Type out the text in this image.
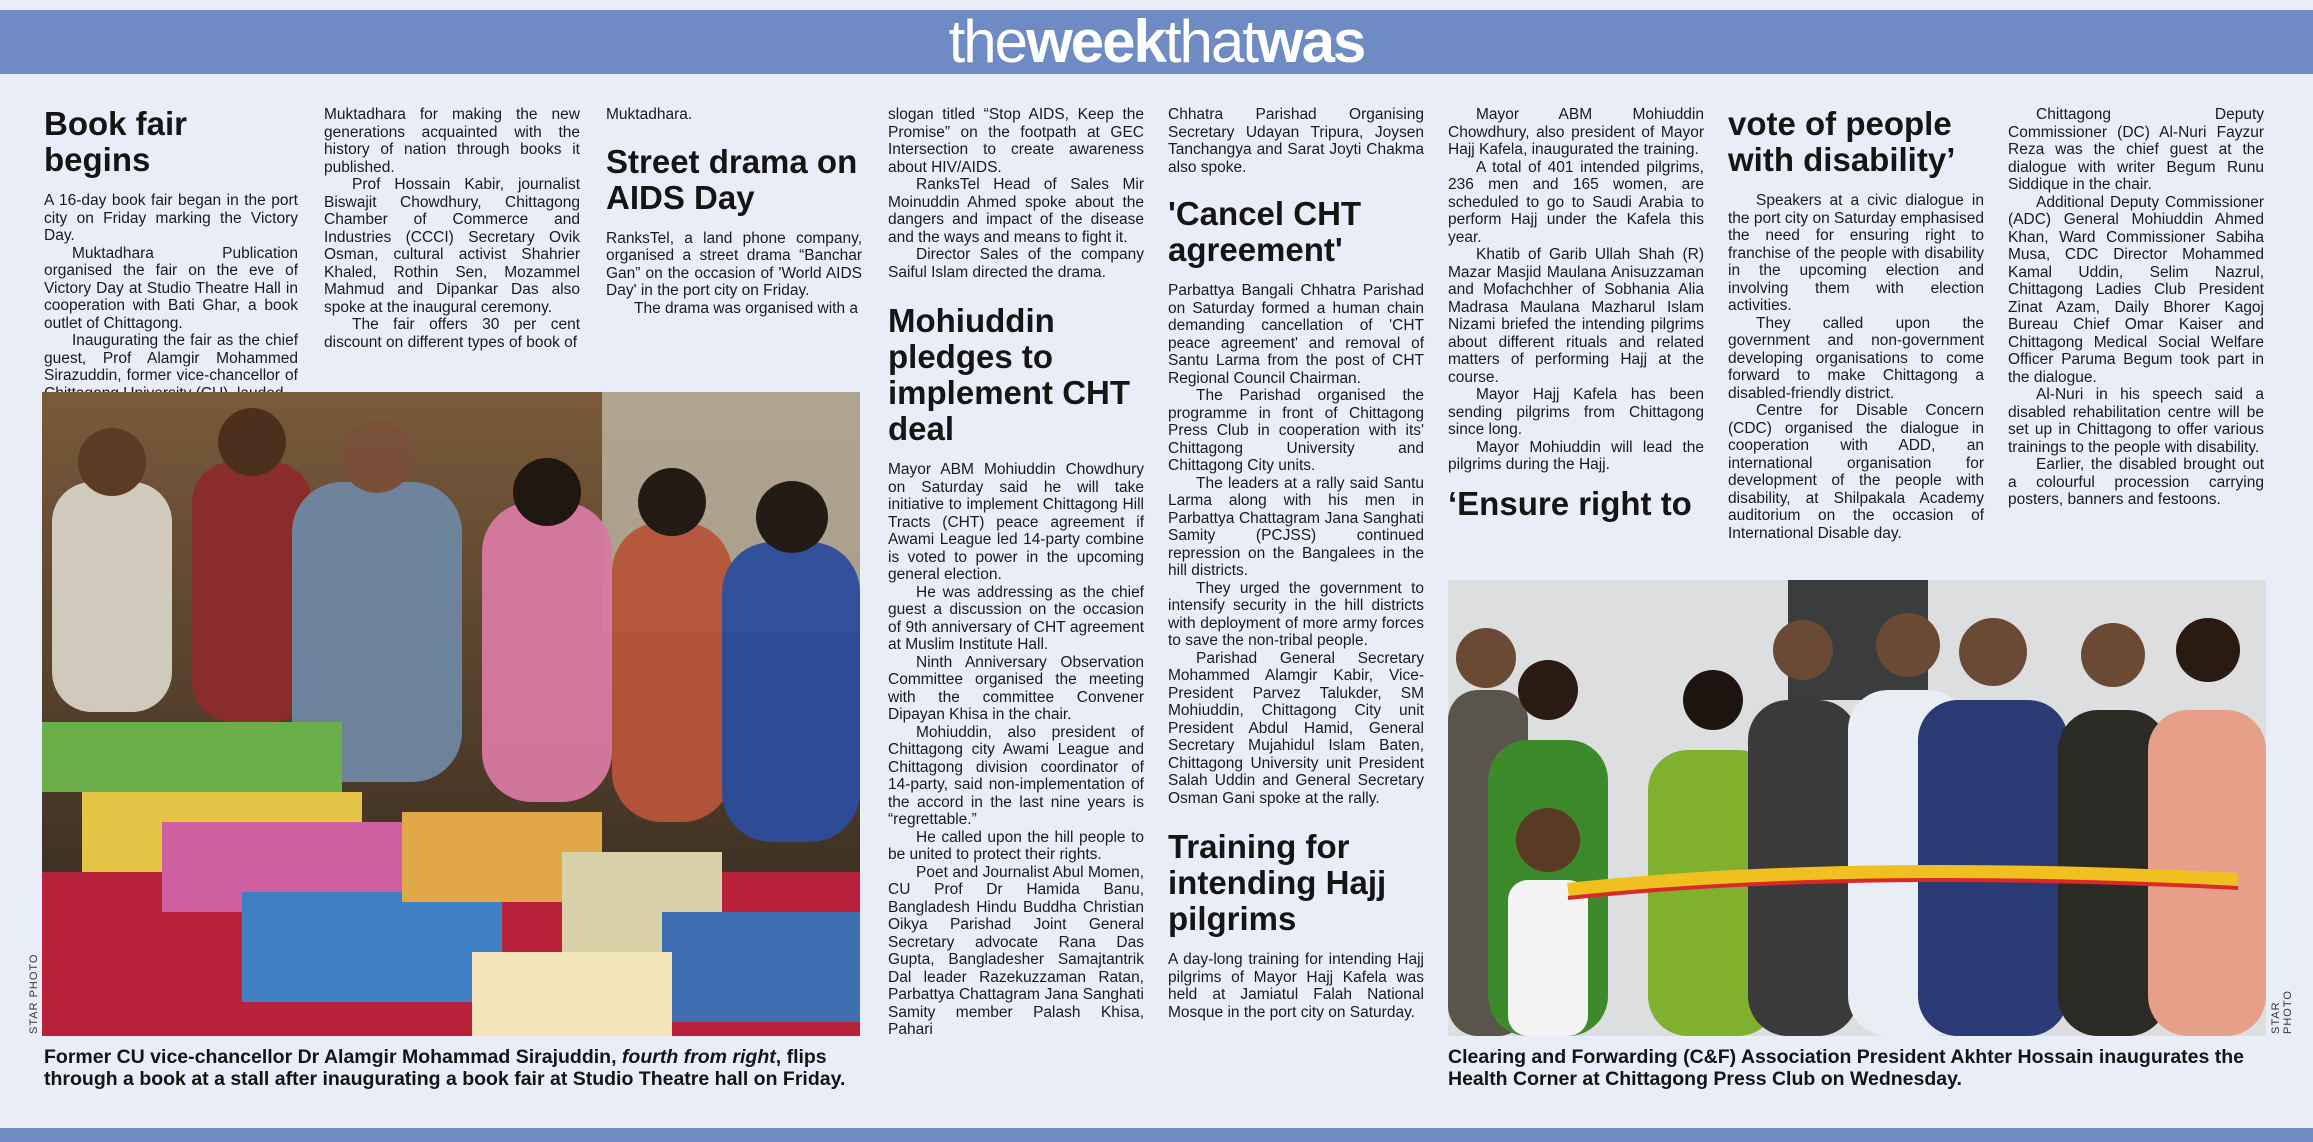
theweekthatwas
Book fair begins

A 16-day book fair began in the port city on Friday marking the Victory Day.

Muktadhara Publication organised the fair on the eve of Victory Day at Studio Theatre Hall in cooperation with Bati Ghar, a book outlet of Chittagong.

Inaugurating the fair as the chief guest, Prof Alamgir Mohammed Sirazuddin, former vice-chancellor of

Muktadhara for making the new generations acquainted with the history of nation through books it published.

Prof Hossain Kabir, journalist Biswajit Chowdhury, Chittagong Chamber of Commerce and Industries (CCCI) Secretary Ovik Osman, cultural activist Shahrier Khaled, Rothin Sen, Mozammel Mahmud and Dipankar Das also spoke at the inaugural ceremony.

The fair offers 30 per cent discount on different types of book of

Muktadhara.

Street drama on AIDS Day

RanksTel, a land phone company, organised a street drama “Banchar Gan” on the occasion of 'World AIDS Day' in the port city on Friday.

The drama was organised with a

slogan titled “Stop AIDS, Keep the Promise” on the footpath at GEC Intersection to create awareness about HIV/AIDS.

RanksTel Head of Sales Mir Moinuddin Ahmed spoke about the dangers and impact of the disease and the ways and means to fight it.

Director Sales of the company Saiful Islam directed the drama.

Mohiuddin pledges to implement CHT deal

Mayor ABM Mohiuddin Chowdhury on Saturday said he will take initiative to implement Chittagong Hill Tracts (CHT) peace agreement if Awami League led 14-party combine is voted to power in the upcoming general election.

He was addressing as the chief guest a discussion on the occasion of 9th anniversary of CHT agreement at Muslim Institute Hall.

Ninth Anniversary Observation Committee organised the meeting with the committee Convener Dipayan Khisa in the chair.

Mohiuddin, also president of Chittagong city Awami League and Chittagong division coordinator of 14-party, said non-implementation of the accord in the last nine years is “regrettable.”

He called upon the hill people to be united to protect their rights.

Poet and Journalist Abul Momen, CU Prof Dr Hamida Banu, Bangladesh Hindu Buddha Christian Oikya Parishad Joint General Secretary advocate Rana Das Gupta, Bangladesher Samajtantrik Dal leader Razekuzzaman Ratan, Parbattya Chattagram Jana Sanghati Samity member Palash Khisa, Pahari

Chhatra Parishad Organising Secretary Udayan Tripura, Joysen Tanchangya and Sarat Joyti Chakma also spoke.

'Cancel CHT agreement'

Parbattya Bangali Chhatra Parishad on Saturday formed a human chain demanding cancellation of 'CHT peace agreement' and removal of Santu Larma from the post of CHT Regional Council Chairman.

The Parishad organised the programme in front of Chittagong Press Club in cooperation with its' Chittagong University and Chittagong City units.

The leaders at a rally said Santu Larma along with his men in Parbattya Chattagram Jana Sanghati Samity (PCJSS) continued repression on the Bangalees in the hill districts.

They urged the government to intensify security in the hill districts with deployment of more army forces to save the non-tribal people.

Parishad General Secretary Mohammed Alamgir Kabir, Vice-President Parvez Talukder, SM Mohiuddin, Chittagong City unit President Abdul Hamid, General Secretary Mujahidul Islam Baten, Chittagong University unit President Salah Uddin and General Secretary Osman Gani spoke at the rally.

Training for intending Hajj pilgrims

A day-long training for intending Hajj pilgrims of Mayor Hajj Kafela was held at Jamiatul Falah National Mosque in the port city on Saturday.

Mayor ABM Mohiuddin Chowdhury, also president of Mayor Hajj Kafela, inaugurated the training.

A total of 401 intended pilgrims, 236 men and 165 women, are scheduled to go to Saudi Arabia to perform Hajj under the Kafela this year.

Khatib of Garib Ullah Shah (R) Mazar Masjid Maulana Anisuzzaman and Mofachchher of Sobhania Alia Madrasa Maulana Mazharul Islam Nizami briefed the intending pilgrims about different rituals and related matters of performing Hajj at the course.

Mayor Hajj Kafela has been sending pilgrims from Chittagong since long.

Mayor Mohiuddin will lead the pilgrims during the Hajj.

‘Ensure right to
vote of people with disability’

Speakers at a civic dialogue in the port city on Saturday emphasised the need for ensuring right to franchise of the people with disability in the upcoming election and involving them with election activities.

They called upon the government and non-government developing organisations to come forward to make Chittagong a disabled-friendly district.

Centre for Disable Concern (CDC) organised the dialogue in cooperation with ADD, an international organisation for development of the people with disability, at Shilpakala Academy auditorium on the occasion of International Disable day.

Chittagong Deputy Commissioner (DC) Al-Nuri Fayzur Reza was the chief guest at the dialogue with writer Begum Runu Siddique in the chair.

Additional Deputy Commissioner (ADC) General Mohiuddin Ahmed Khan, Ward Commissioner Sabiha Musa, CDC Director Mohammed Kamal Uddin, Selim Nazrul, Chittagong Ladies Club President Zinat Azam, Daily Bhorer Kagoj Bureau Chief Omar Kaiser and Chittagong Medical Social Welfare Officer Paruma Begum took part in the dialogue.

Al-Nuri in his speech said a disabled rehabilitation centre will be set up in Chittagong to offer various trainings to the people with disability.

Earlier, the disabled brought out a colourful procession carrying posters, banners and festoons.

STAR PHOTO
Former CU vice-chancellor Dr Alamgir Mohammad Sirajuddin, fourth from right, flips through a book at a stall after inaugurating a book fair at Studio Theatre hall on Friday.
STAR PHOTO
Clearing and Forwarding (C&F) Association President Akhter Hossain inaugurates the Health Corner at Chittagong Press Club on Wednesday.
